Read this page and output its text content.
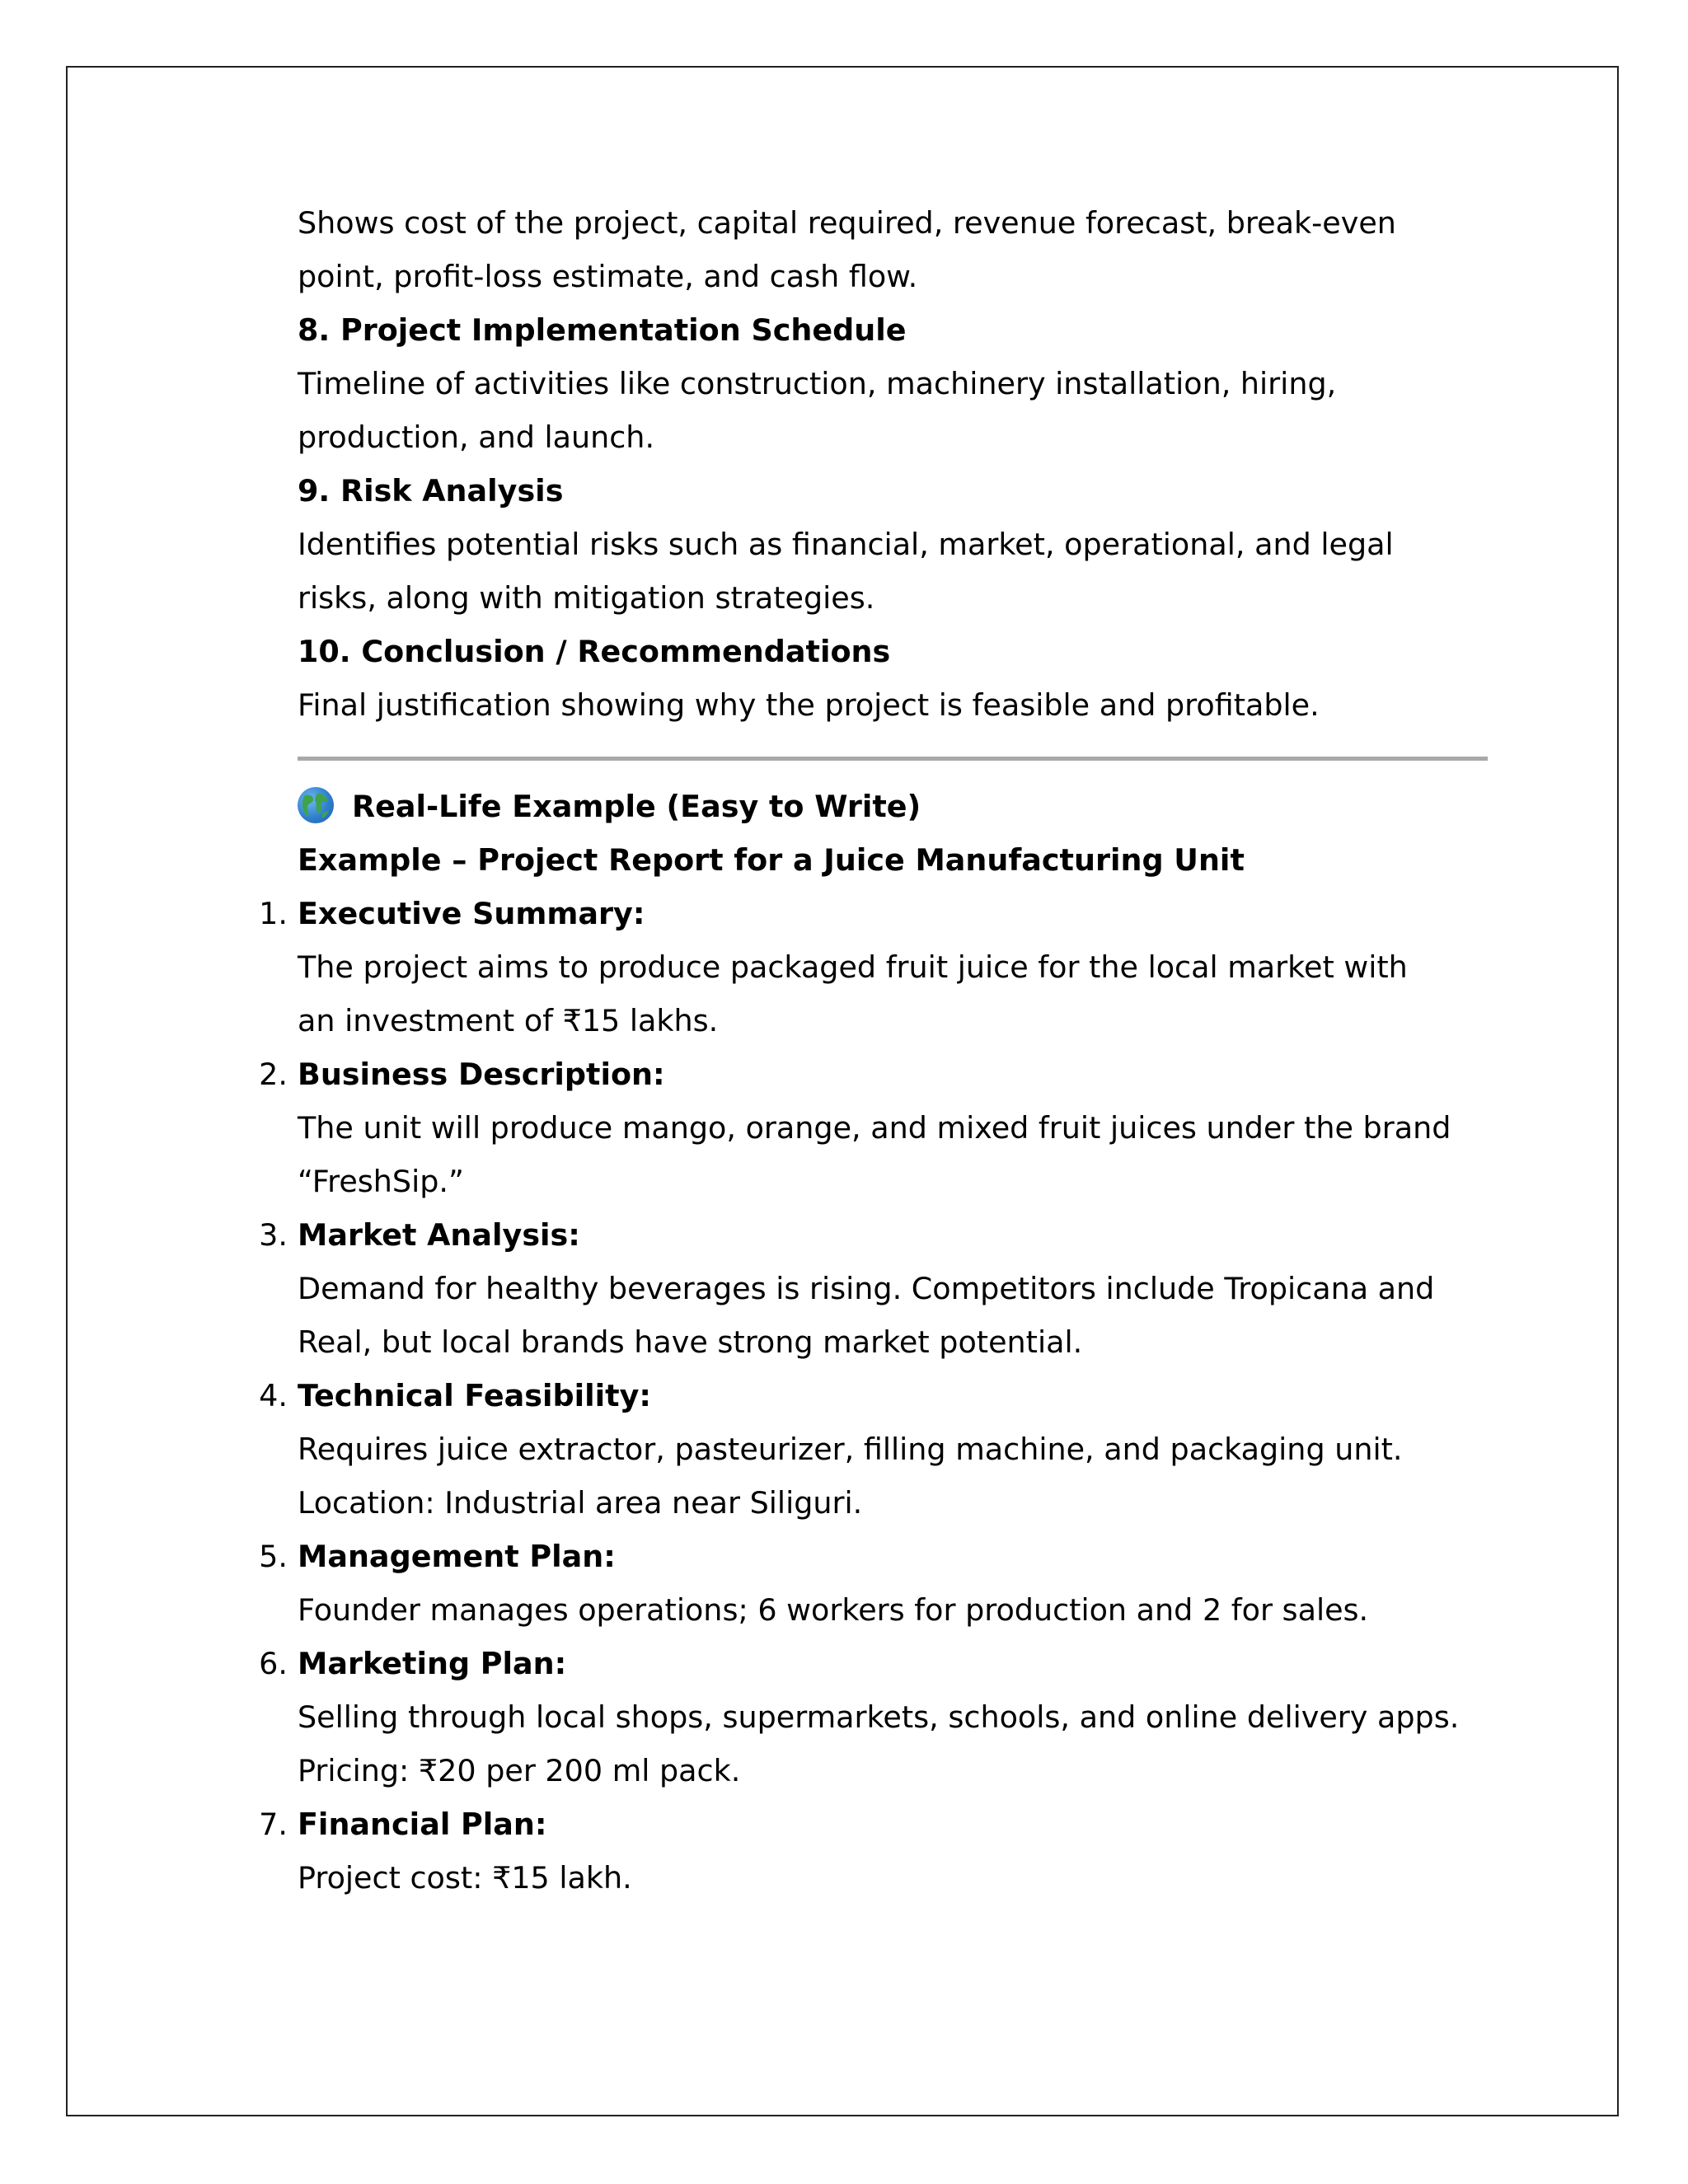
Shows cost of the project, capital required, revenue forecast, break-even

point, profit-loss estimate, and cash flow.

8. Project Implementation Schedule

Timeline of activities like construction, machinery installation, hiring,

production, and launch.

9. Risk Analysis

Identifies potential risks such as financial, market, operational, and legal

risks, along with mitigation strategies.

10. Conclusion / Recommendations

Final justification showing why the project is feasible and profitable.

Real-Life Example (Easy to Write)

Example – Project Report for a Juice Manufacturing Unit

1. Executive Summary:

The project aims to produce packaged fruit juice for the local market with

an investment of ₹15 lakhs.

2. Business Description:

The unit will produce mango, orange, and mixed fruit juices under the brand

“FreshSip.”

3. Market Analysis:

Demand for healthy beverages is rising. Competitors include Tropicana and

Real, but local brands have strong market potential.

4. Technical Feasibility:

Requires juice extractor, pasteurizer, filling machine, and packaging unit.

Location: Industrial area near Siliguri.

5. Management Plan:

Founder manages operations; 6 workers for production and 2 for sales.

6. Marketing Plan:

Selling through local shops, supermarkets, schools, and online delivery apps.

Pricing: ₹20 per 200 ml pack.

7. Financial Plan:

Project cost: ₹15 lakh.
